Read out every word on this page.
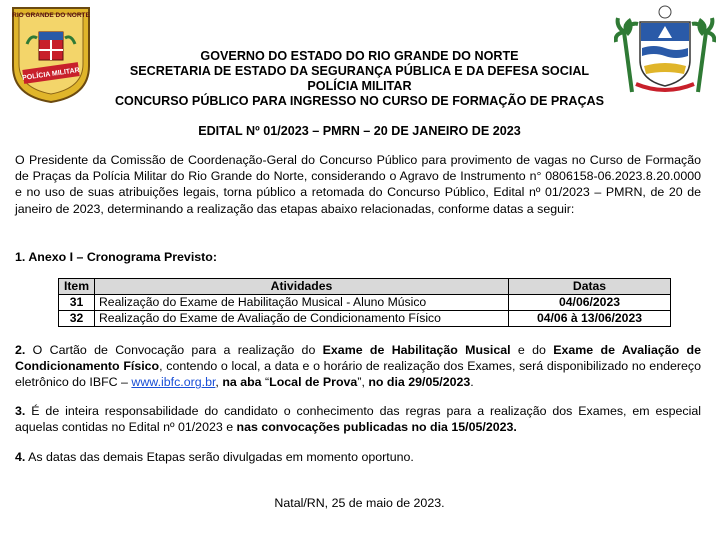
RIO GRANDE DO NORTE
POLÍCIA MILITAR
GOVERNO DO ESTADO DO RIO GRANDE DO NORTE
SECRETARIA DE ESTADO DA SEGURANÇA PÚBLICA E DA DEFESA SOCIAL
POLÍCIA MILITAR
CONCURSO PÚBLICO PARA INGRESSO NO CURSO DE FORMAÇÃO DE PRAÇAS
EDITAL Nº 01/2023 – PMRN – 20 DE JANEIRO DE 2023
O Presidente da Comissão de Coordenação-Geral do Concurso Público para provimento de vagas no Curso de Formação de Praças da Polícia Militar do Rio Grande do Norte, considerando o Agravo de Instrumento n° 0806158-06.2023.8.20.0000 e no uso de suas atribuições legais, torna público a retomada do Concurso Público, Edital nº 01/2023 – PMRN, de 20 de janeiro de 2023, determinando a realização das etapas abaixo relacionadas, conforme datas a seguir:
1. Anexo I – Cronograma Previsto:
Item	Atividades	Datas
31	Realização do Exame de Habilitação Musical - Aluno Músico	04/06/2023
32	Realização do Exame de Avaliação de Condicionamento Físico	04/06 à 13/06/2023
2. O Cartão de Convocação para a realização do Exame de Habilitação Musical e do Exame de Avaliação de Condicionamento Físico, contendo o local, a data e o horário de realização dos Exames, será disponibilizado no endereço eletrônico do IBFC – www.ibfc.org.br, na aba “Local de Prova”, no dia 29/05/2023.
3. É de inteira responsabilidade do candidato o conhecimento das regras para a realização dos Exames, em especial aquelas contidas no Edital nº 01/2023 e nas convocações publicadas no dia 15/05/2023.
4. As datas das demais Etapas serão divulgadas em momento oportuno.
Natal/RN, 25 de maio de 2023.
